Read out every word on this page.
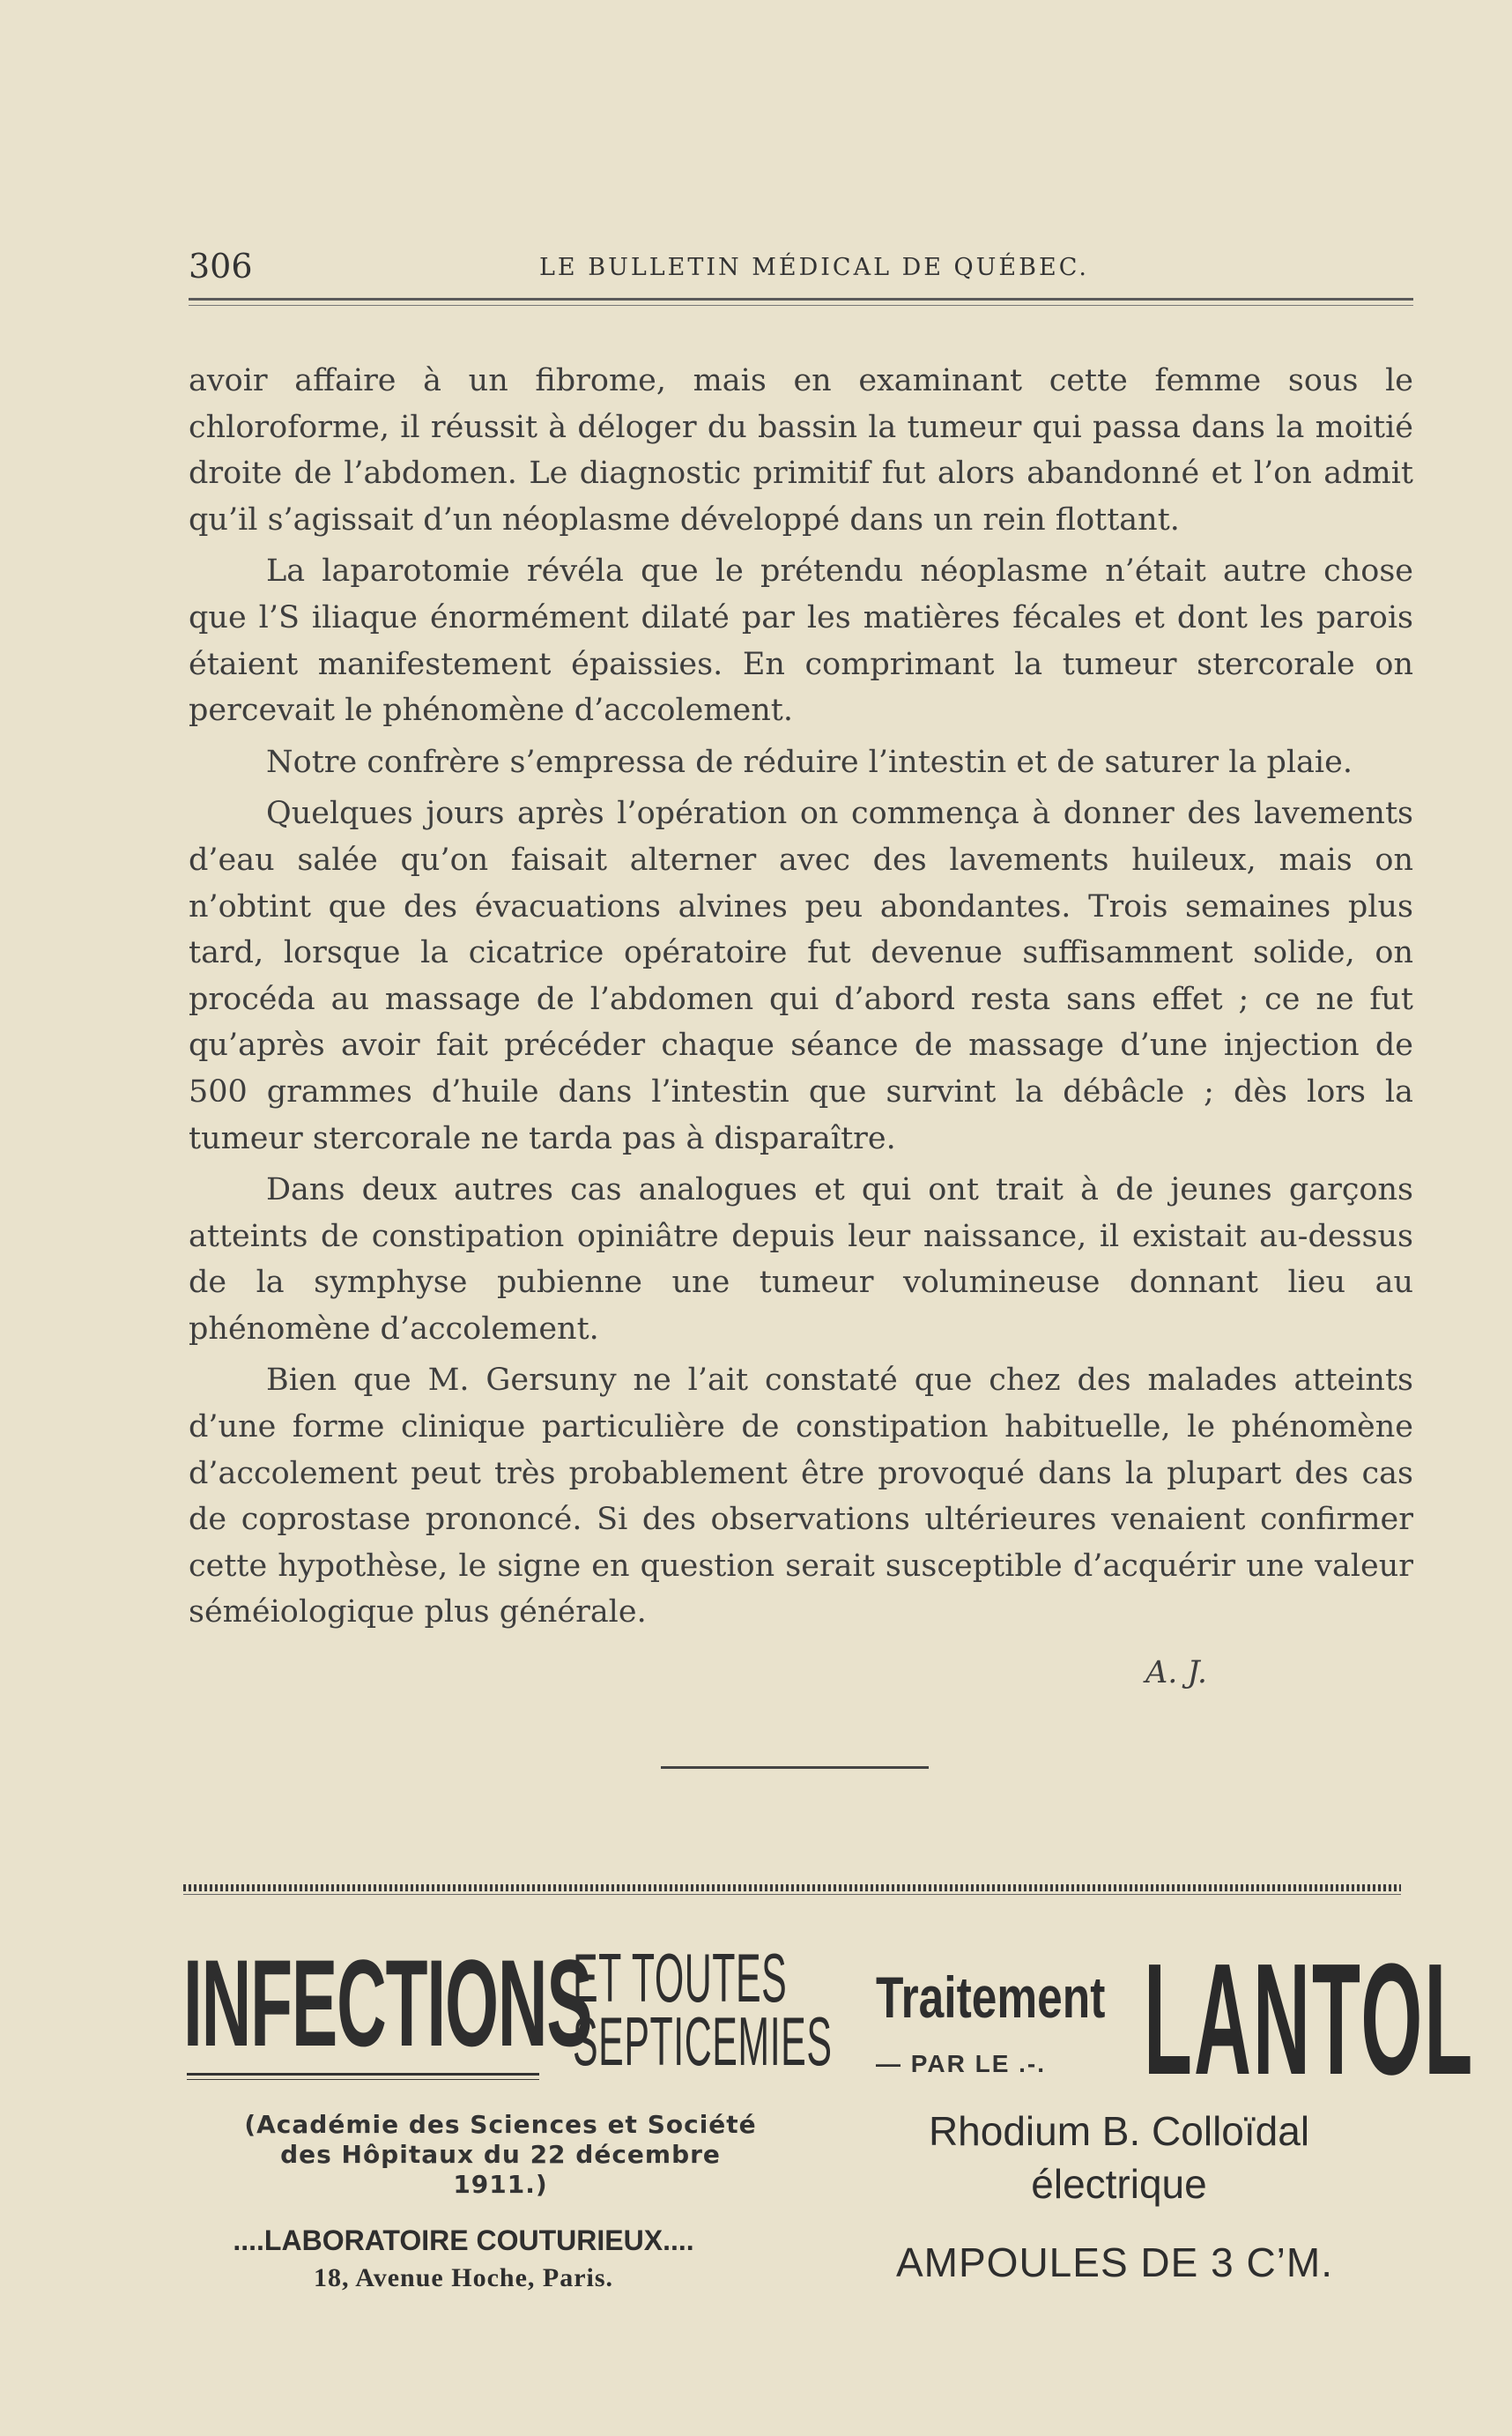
306	LE BULLETIN MÉDICAL DE QUÉBEC.

avoir affaire à un fibrome, mais en examinant cette femme sous le chloroforme, il réussit à déloger du bassin la tumeur qui passa dans la moitié droite de l’abdomen. Le diagnostic primitif fut alors abandonné et l’on admit qu’il s’agissait d’un néoplasme développé dans un rein flottant.

La laparotomie révéla que le prétendu néoplasme n’était autre chose que l’S iliaque énormément dilaté par les matières fécales et dont les parois étaient manifestement épaissies. En comprimant la tumeur stercorale on percevait le phénomène d’accolement.

Notre confrère s’empressa de réduire l’intestin et de saturer la plaie.

Quelques jours après l’opération on commença à donner des lavements d’eau salée qu’on faisait alterner avec des lavements huileux, mais on n’obtint que des évacuations alvines peu abondantes. Trois semaines plus tard, lorsque la cicatrice opératoire fut devenue suffisamment solide, on procéda au massage de l’abdomen qui d’abord resta sans effet ; ce ne fut qu’après avoir fait précéder chaque séance de massage d’une injection de 500 grammes d’huile dans l’intestin que survint la débâcle ; dès lors la tumeur stercorale ne tarda pas à disparaître.

Dans deux autres cas analogues et qui ont trait à de jeunes garçons atteints de constipation opiniâtre depuis leur naissance, il existait au-dessus de la symphyse pubienne une tumeur volumineuse donnant lieu au phénomène d’accolement.

Bien que M. Gersuny ne l’ait constaté que chez des malades atteints d’une forme clinique particulière de constipation habituelle, le phénomène d’accolement peut très probablement être provoqué dans la plupart des cas de coprostase prononcé. Si des observations ultérieures venaient confirmer cette hypothèse, le signe en question serait susceptible d’acquérir une valeur séméiologique plus générale.

A. J.
INFECTIONS
ET TOUTES
SEPTICEMIES
Traitement
— PAR LE .-. LANTOL
(Académie des Sciences et Société
des Hôpitaux du 22 décembre
1911.)
....LABORATOIRE COUTURIEUX....
18, Avenue Hoche, Paris.
Rhodium B. Colloïdal
électrique
AMPOULES DE 3 C’M.
